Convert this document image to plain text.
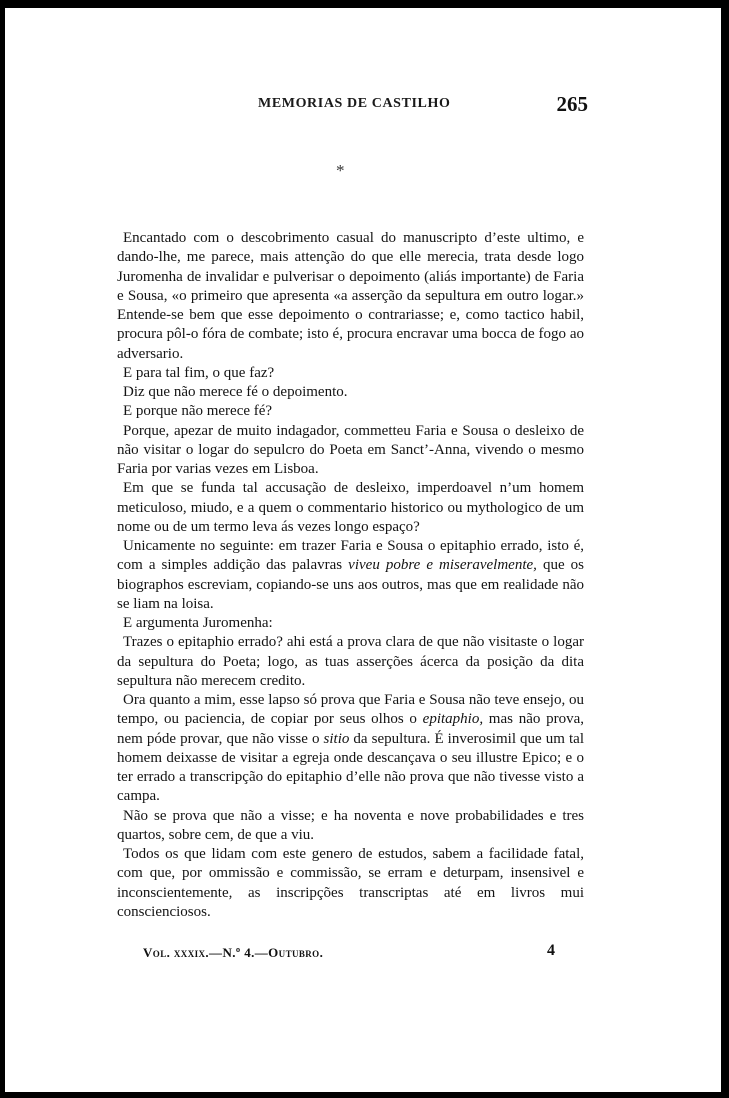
MEMORIAS DE CASTILHO	265
*

Encantado com o descobrimento casual do manuscripto d’este ultimo, e dando-lhe, me parece, mais attenção do que elle merecia, trata desde logo Juromenha de invalidar e pulverisar o depoimento (aliás importante) de Faria e Sousa, «o primeiro que apresenta «a asserção da sepultura em outro logar.» Entende-se bem que esse depoimento o contrariasse; e, como tactico habil, procura pôl-o fóra de combate; isto é, procura encravar uma bocca de fogo ao adversario.

E para tal fim, o que faz?

Diz que não merece fé o depoimento.

E porque não merece fé?

Porque, apezar de muito indagador, commetteu Faria e Sousa o desleixo de não visitar o logar do sepulcro do Poeta em Sanct’-Anna, vivendo o mesmo Faria por varias vezes em Lisboa.

Em que se funda tal accusação de desleixo, imperdoavel n’um homem meticuloso, miudo, e a quem o commentario historico ou mythologico de um nome ou de um termo leva ás vezes longo espaço?

Unicamente no seguinte: em trazer Faria e Sousa o epitaphio errado, isto é, com a simples addição das palavras viveu pobre e miseravelmente, que os biographos escreviam, copiando-se uns aos outros, mas que em realidade não se liam na loisa.

E argumenta Juromenha:

Trazes o epitaphio errado? ahi está a prova clara de que não visitaste o logar da sepultura do Poeta; logo, as tuas asserções ácerca da posição da dita sepultura não merecem credito.

Ora quanto a mim, esse lapso só prova que Faria e Sousa não teve ensejo, ou tempo, ou paciencia, de copiar por seus olhos o epitaphio, mas não prova, nem póde provar, que não visse o sitio da sepultura. É inverosimil que um tal homem deixasse de visitar a egreja onde descançava o seu illustre Epico; e o ter errado a transcripção do epitaphio d’elle não prova que não tivesse visto a campa.

Não se prova que não a visse; e ha noventa e nove probabilidades e tres quartos, sobre cem, de que a viu.

Todos os que lidam com este genero de estudos, sabem a facilidade fatal, com que, por ommissão e commissão, se erram e deturpam, insensivel e inconscientemente, as inscripções transcriptas até em livros mui conscienciosos.

Vol. xxxix.—N.º 4.—Outubro.	4
